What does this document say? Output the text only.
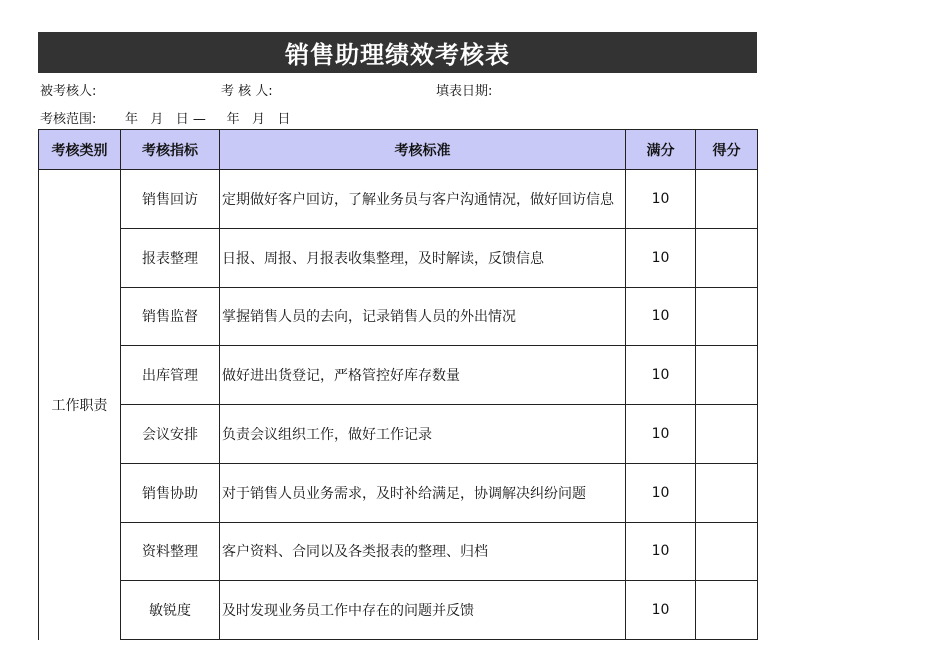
销售助理绩效考核表
被考核人:	考 核 人:	填表日期:
考核范围: 年   月   日 —     年   月   日
考核类别	考核指标	考核标准	满分	得分
工作职责	销售回访	定期做好客户回访，了解业务员与客户沟通情况，做好回访信息	10	
	报表整理	日报、周报、月报表收集整理，及时解读，反馈信息	10	
	销售监督	掌握销售人员的去向，记录销售人员的外出情况	10	
	出库管理	做好进出货登记，严格管控好库存数量	10	
	会议安排	负责会议组织工作，做好工作记录	10	
	销售协助	对于销售人员业务需求，及时补给满足，协调解决纠纷问题	10	
	资料整理	客户资料、合同以及各类报表的整理、归档	10	
	敏锐度	及时发现业务员工作中存在的问题并反馈	10	
